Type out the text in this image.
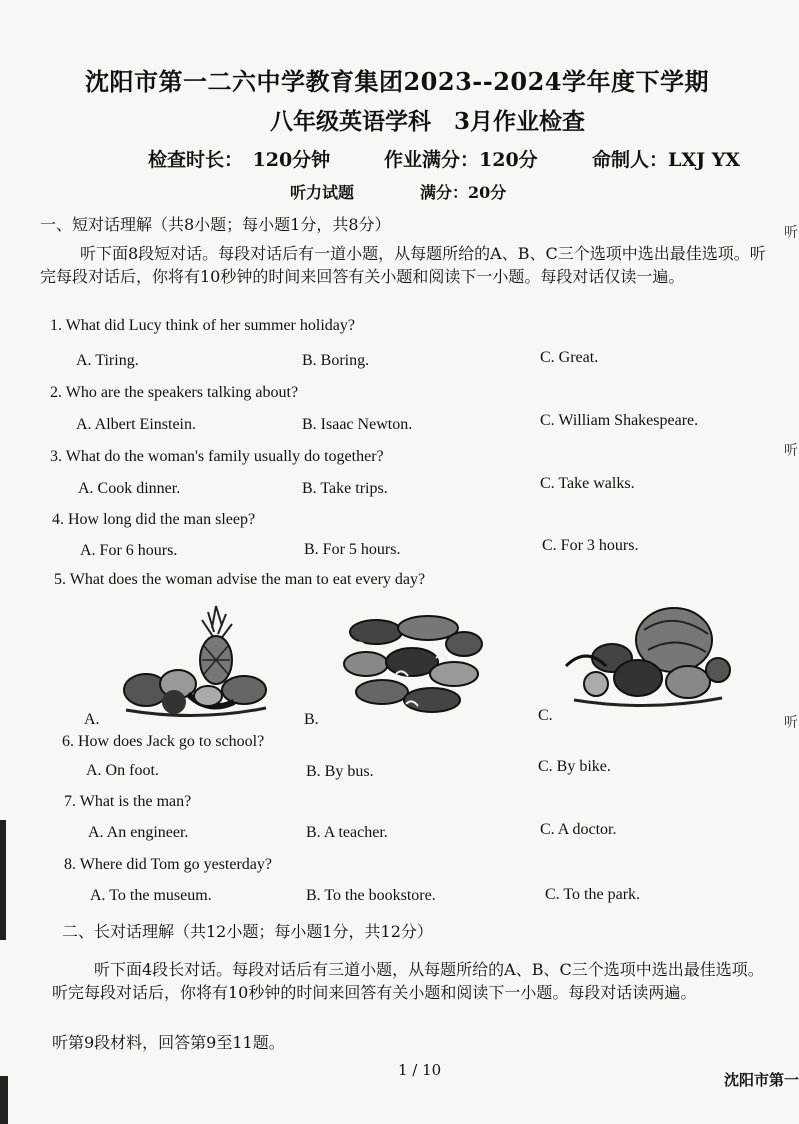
沈阳市第一二六中学教育集团2023--2024学年度下学期
八年级英语学科　3月作业检查
检查时长：　120分钟	作业满分：120分	命制人：LXJ YX
听力试题	满分：20分
一、短对话理解（共8小题；每小题1分，共8分）
听下面8段短对话。每段对话后有一道小题，从每题所给的A、B、C三个选项中选出最佳选项。听完每段对话后，你将有10秒钟的时间来回答有关小题和阅读下一小题。每段对话仅读一遍。
1. What did Lucy think of her summer holiday?
A. Tiring.	B. Boring.	C. Great.
2. Who are the speakers talking about?
A. Albert Einstein.	B. Isaac Newton.	C. William Shakespeare.
3. What do the woman's family usually do together?
A. Cook dinner.	B. Take trips.	C. Take walks.
4. How long did the man sleep?
A. For 6 hours.	B. For 5 hours.	C. For 3 hours.
5. What does the woman advise the man to eat every day?
A.	B.	C.
6. How does Jack go to school?
A. On foot.	B. By bus.	C. By bike.
7. What is the man?
A. An engineer.	B. A teacher.	C. A doctor.
8. Where did Tom go yesterday?
A. To the museum.	B. To the bookstore.	C. To the park.
二、长对话理解（共12小题；每小题1分，共12分）
听下面4段长对话。每段对话后有三道小题，从每题所给的A、B、C三个选项中选出最佳选项。听完每段对话后，你将有10秒钟的时间来回答有关小题和阅读下一小题。每段对话读两遍。
听第9段材料，回答第9至11题。
1 / 10
沈阳市第一
听
听
听
